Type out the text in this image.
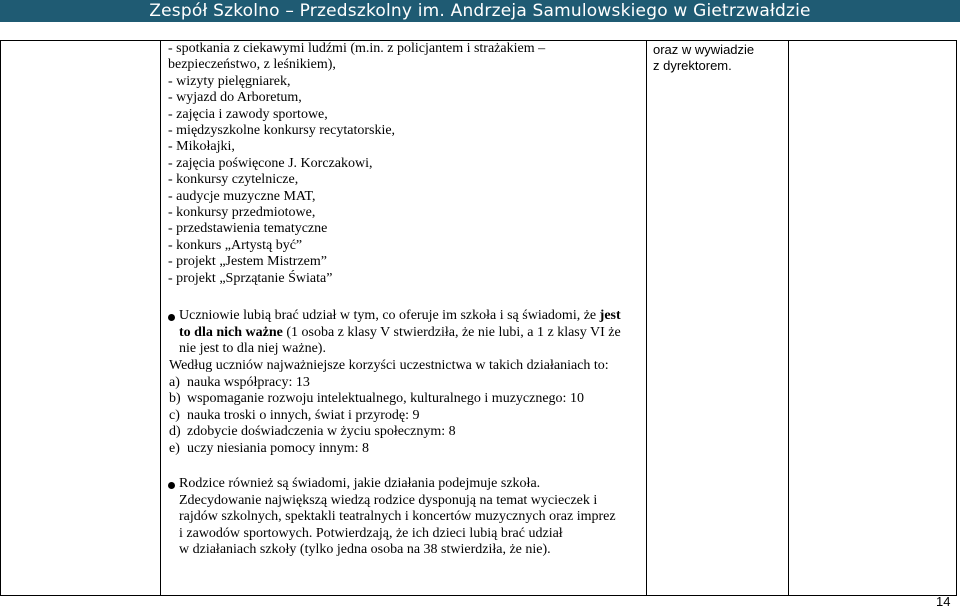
Zespół Szkolno – Przedszkolny im. Andrzeja Samulowskiego w Gietrzwałdzie
- spotkania z ciekawymi ludźmi (m.in. z policjantem i strażakiem –
bezpieczeństwo, z leśnikiem),
- wizyty pielęgniarek,
- wyjazd do Arboretum,
- zajęcia i zawody sportowe,
- międzyszkolne konkursy recytatorskie,
- Mikołajki,
- zajęcia poświęcone J. Korczakowi,
- konkursy czytelnicze,
- audycje muzyczne MAT,
- konkursy przedmiotowe,
- przedstawienia tematyczne
- konkurs „Artystą być”
- projekt „Jestem Mistrzem”
- projekt „Sprzątanie Świata”
Uczniowie lubią brać udział w tym, co oferuje im szkoła i są świadomi, że jest
to dla nich ważne (1 osoba z klasy V stwierdziła, że nie lubi, a 1 z klasy VI że
nie jest to dla niej ważne).
Według uczniów najważniejsze korzyści uczestnictwa w takich działaniach to:
a) nauka współpracy: 13
b) wspomaganie rozwoju intelektualnego, kulturalnego i muzycznego: 10
c) nauka troski o innych, świat i przyrodę: 9
d) zdobycie doświadczenia w życiu społecznym: 8
e) uczy niesiania pomocy innym: 8
Rodzice również są świadomi, jakie działania podejmuje szkoła.
Zdecydowanie największą wiedzą rodzice dysponują na temat wycieczek i
rajdów szkolnych, spektakli teatralnych i koncertów muzycznych oraz imprez
i zawodów sportowych. Potwierdzają, że ich dzieci lubią brać udział
w działaniach szkoły (tylko jedna osoba na 38 stwierdziła, że nie).
oraz w wywiadzie
z dyrektorem.
14
